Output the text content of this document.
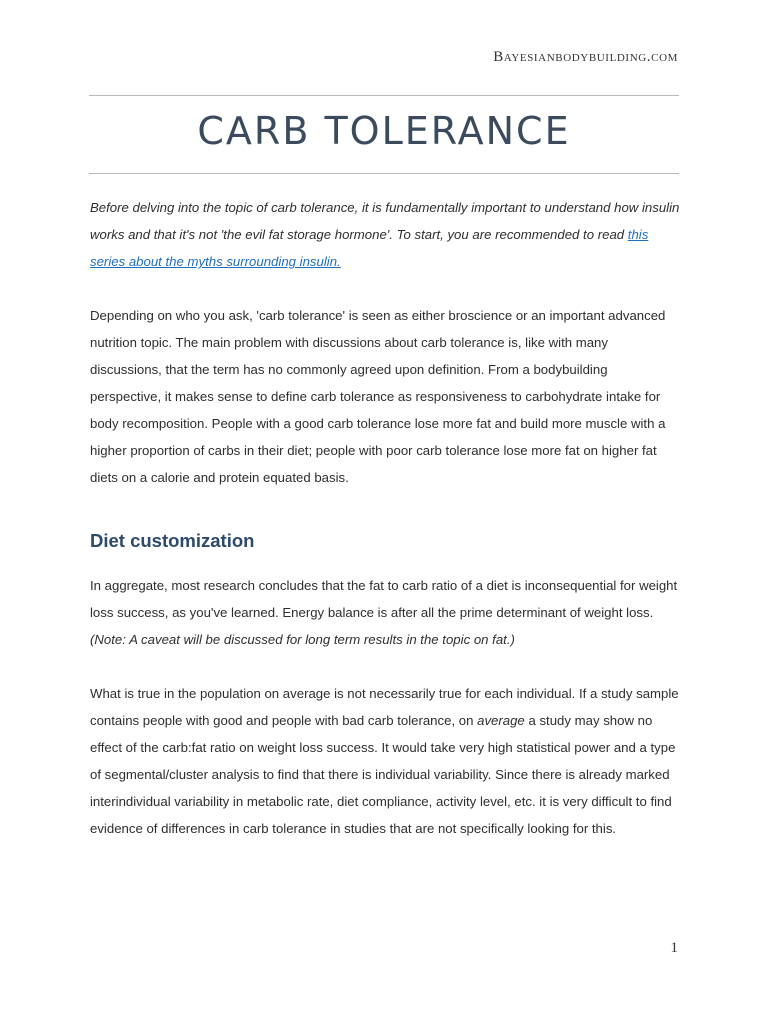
Bayesianbodybuilding.com
CARB TOLERANCE

Before delving into the topic of carb tolerance, it is fundamentally important to understand how insulin works and that it's not 'the evil fat storage hormone'. To start, you are recommended to read this series about the myths surrounding insulin.

Depending on who you ask, 'carb tolerance' is seen as either broscience or an important advanced nutrition topic. The main problem with discussions about carb tolerance is, like with many discussions, that the term has no commonly agreed upon definition. From a bodybuilding perspective, it makes sense to define carb tolerance as responsiveness to carbohydrate intake for body recomposition. People with a good carb tolerance lose more fat and build more muscle with a higher proportion of carbs in their diet; people with poor carb tolerance lose more fat on higher fat diets on a calorie and protein equated basis.

Diet customization

In aggregate, most research concludes that the fat to carb ratio of a diet is inconsequential for weight loss success, as you've learned. Energy balance is after all the prime determinant of weight loss. (Note: A caveat will be discussed for long term results in the topic on fat.)

What is true in the population on average is not necessarily true for each individual. If a study sample contains people with good and people with bad carb tolerance, on average a study may show no effect of the carb:fat ratio on weight loss success. It would take very high statistical power and a type of segmental/cluster analysis to find that there is individual variability. Since there is already marked interindividual variability in metabolic rate, diet compliance, activity level, etc. it is very difficult to find evidence of differences in carb tolerance in studies that are not specifically looking for this.

1
